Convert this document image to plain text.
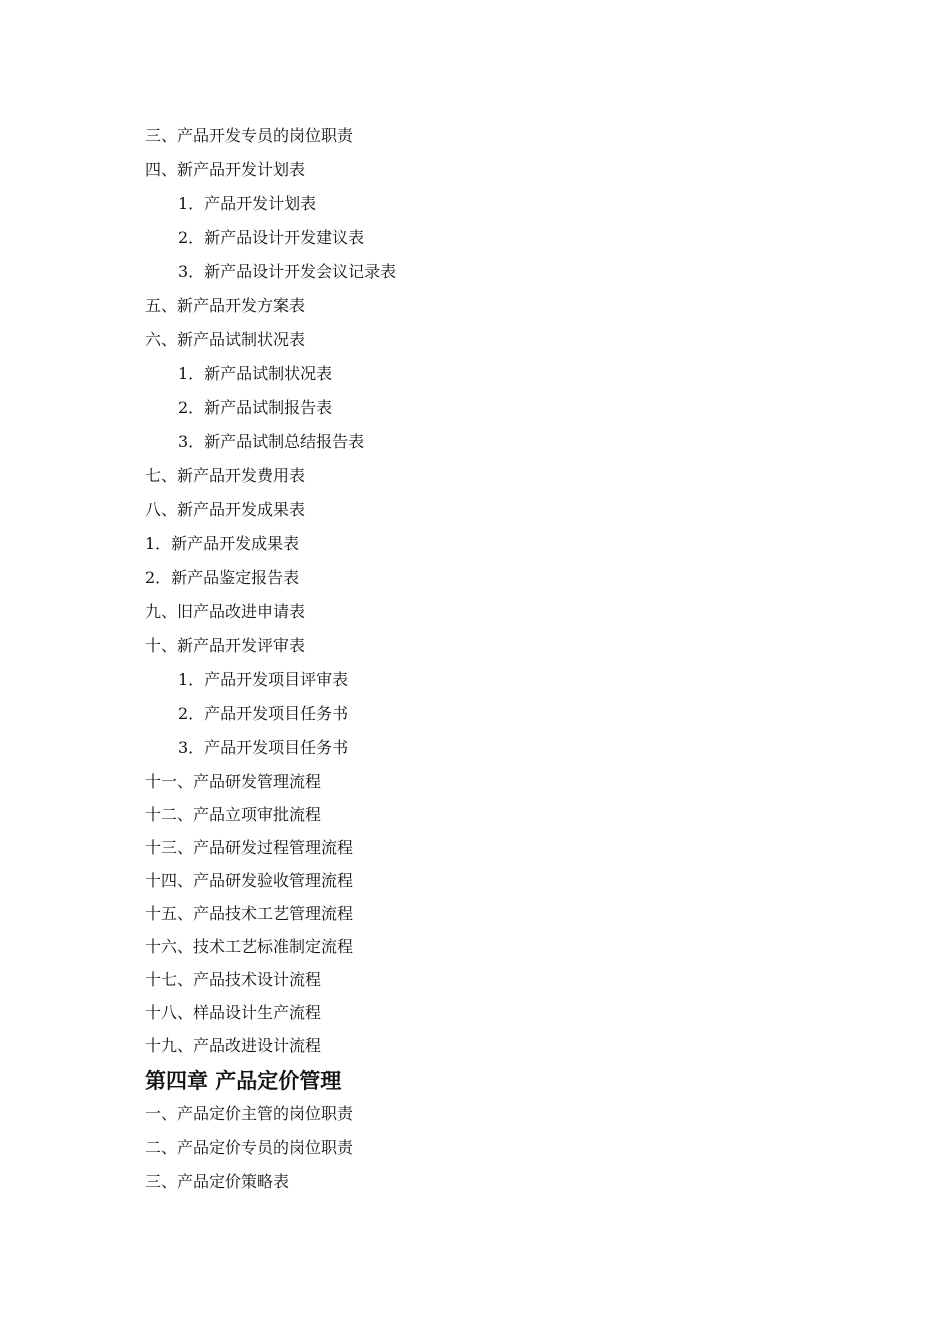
三、产品开发专员的岗位职责
四、新产品开发计划表
1．产品开发计划表
2．新产品设计开发建议表
3．新产品设计开发会议记录表
五、新产品开发方案表
六、新产品试制状况表
1．新产品试制状况表
2．新产品试制报告表
3．新产品试制总结报告表
七、新产品开发费用表
八、新产品开发成果表
1．新产品开发成果表
2．新产品鉴定报告表
九、旧产品改进申请表
十、新产品开发评审表
1．产品开发项目评审表
2．产品开发项目任务书
3．产品开发项目任务书
十一、产品研发管理流程
十二、产品立项审批流程
十三、产品研发过程管理流程
十四、产品研发验收管理流程
十五、产品技术工艺管理流程
十六、技术工艺标准制定流程
十七、产品技术设计流程
十八、样品设计生产流程
十九、产品改进设计流程
第四章 产品定价管理
一、产品定价主管的岗位职责
二、产品定价专员的岗位职责
三、产品定价策略表
